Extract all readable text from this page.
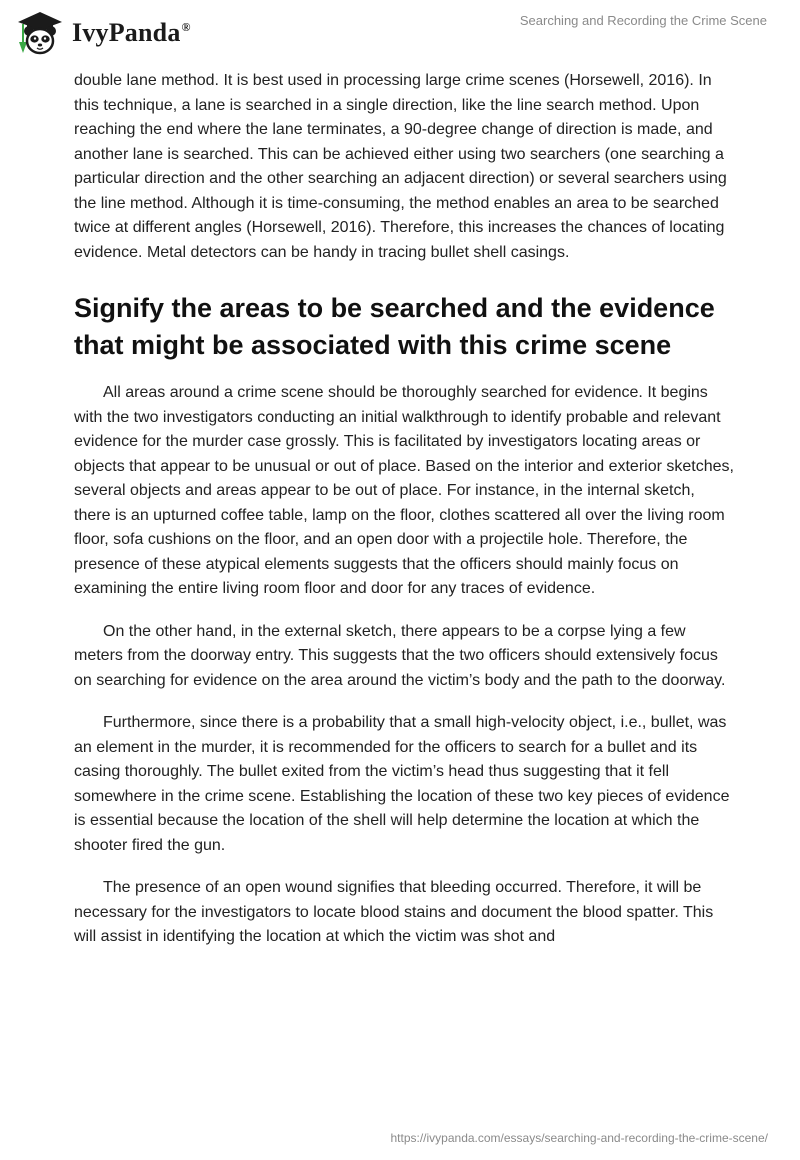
IvyPanda®	Searching and Recording the Crime Scene

double lane method. It is best used in processing large crime scenes (Horsewell, 2016). In this technique, a lane is searched in a single direction, like the line search method. Upon reaching the end where the lane terminates, a 90-degree change of direction is made, and another lane is searched. This can be achieved either using two searchers (one searching a particular direction and the other searching an adjacent direction) or several searchers using the line method. Although it is time-consuming, the method enables an area to be searched twice at different angles (Horsewell, 2016). Therefore, this increases the chances of locating evidence. Metal detectors can be handy in tracing bullet shell casings.

Signify the areas to be searched and the evidence that might be associated with this crime scene

All areas around a crime scene should be thoroughly searched for evidence. It begins with the two investigators conducting an initial walkthrough to identify probable and relevant evidence for the murder case grossly. This is facilitated by investigators locating areas or objects that appear to be unusual or out of place. Based on the interior and exterior sketches, several objects and areas appear to be out of place. For instance, in the internal sketch, there is an upturned coffee table, lamp on the floor, clothes scattered all over the living room floor, sofa cushions on the floor, and an open door with a projectile hole. Therefore, the presence of these atypical elements suggests that the officers should mainly focus on examining the entire living room floor and door for any traces of evidence.

On the other hand, in the external sketch, there appears to be a corpse lying a few meters from the doorway entry. This suggests that the two officers should extensively focus on searching for evidence on the area around the victim’s body and the path to the doorway.

Furthermore, since there is a probability that a small high-velocity object, i.e., bullet, was an element in the murder, it is recommended for the officers to search for a bullet and its casing thoroughly. The bullet exited from the victim’s head thus suggesting that it fell somewhere in the crime scene. Establishing the location of these two key pieces of evidence is essential because the location of the shell will help determine the location at which the shooter fired the gun.

The presence of an open wound signifies that bleeding occurred. Therefore, it will be necessary for the investigators to locate blood stains and document the blood spatter. This will assist in identifying the location at which the victim was shot and

https://ivypanda.com/essays/searching-and-recording-the-crime-scene/
